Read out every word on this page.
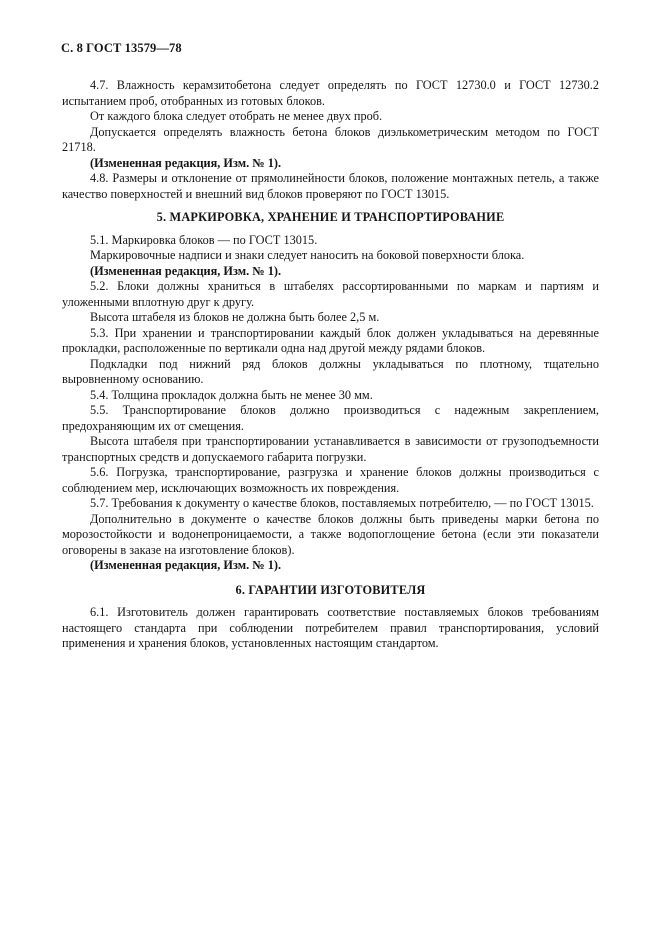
С. 8 ГОСТ 13579—78

4.7. Влажность керамзитобетона следует определять по ГОСТ 12730.0 и ГОСТ 12730.2 испытанием проб, отобранных из готовых блоков.

От каждого блока следует отобрать не менее двух проб.

Допускается определять влажность бетона блоков диэлькометрическим методом по ГОСТ 21718.

(Измененная редакция, Изм. № 1).

4.8. Размеры и отклонение от прямолинейности блоков, положение монтажных петель, а также качество поверхностей и внешний вид блоков проверяют по ГОСТ 13015.

5. МАРКИРОВКА, ХРАНЕНИЕ И ТРАНСПОРТИРОВАНИЕ

5.1. Маркировка блоков — по ГОСТ 13015.

Маркировочные надписи и знаки следует наносить на боковой поверхности блока.

(Измененная редакция, Изм. № 1).

5.2. Блоки должны храниться в штабелях рассортированными по маркам и партиям и уложенными вплотную друг к другу.

Высота штабеля из блоков не должна быть более 2,5 м.

5.3. При хранении и транспортировании каждый блок должен укладываться на деревянные прокладки, расположенные по вертикали одна над другой между рядами блоков.

Подкладки под нижний ряд блоков должны укладываться по плотному, тщательно выровненному основанию.

5.4. Толщина прокладок должна быть не менее 30 мм.

5.5. Транспортирование блоков должно производиться с надежным закреплением, предохраняющим их от смещения.

Высота штабеля при транспортировании устанавливается в зависимости от грузоподъемности транспортных средств и допускаемого габарита погрузки.

5.6. Погрузка, транспортирование, разгрузка и хранение блоков должны производиться с соблюдением мер, исключающих возможность их повреждения.

5.7. Требования к документу о качестве блоков, поставляемых потребителю, — по ГОСТ 13015.

Дополнительно в документе о качестве блоков должны быть приведены марки бетона по морозостойкости и водонепроницаемости, а также водопоглощение бетона (если эти показатели оговорены в заказе на изготовление блоков).

(Измененная редакция, Изм. № 1).

6. ГАРАНТИИ ИЗГОТОВИТЕЛЯ

6.1. Изготовитель должен гарантировать соответствие поставляемых блоков требованиям настоящего стандарта при соблюдении потребителем правил транспортирования, условий применения и хранения блоков, установленных настоящим стандартом.
